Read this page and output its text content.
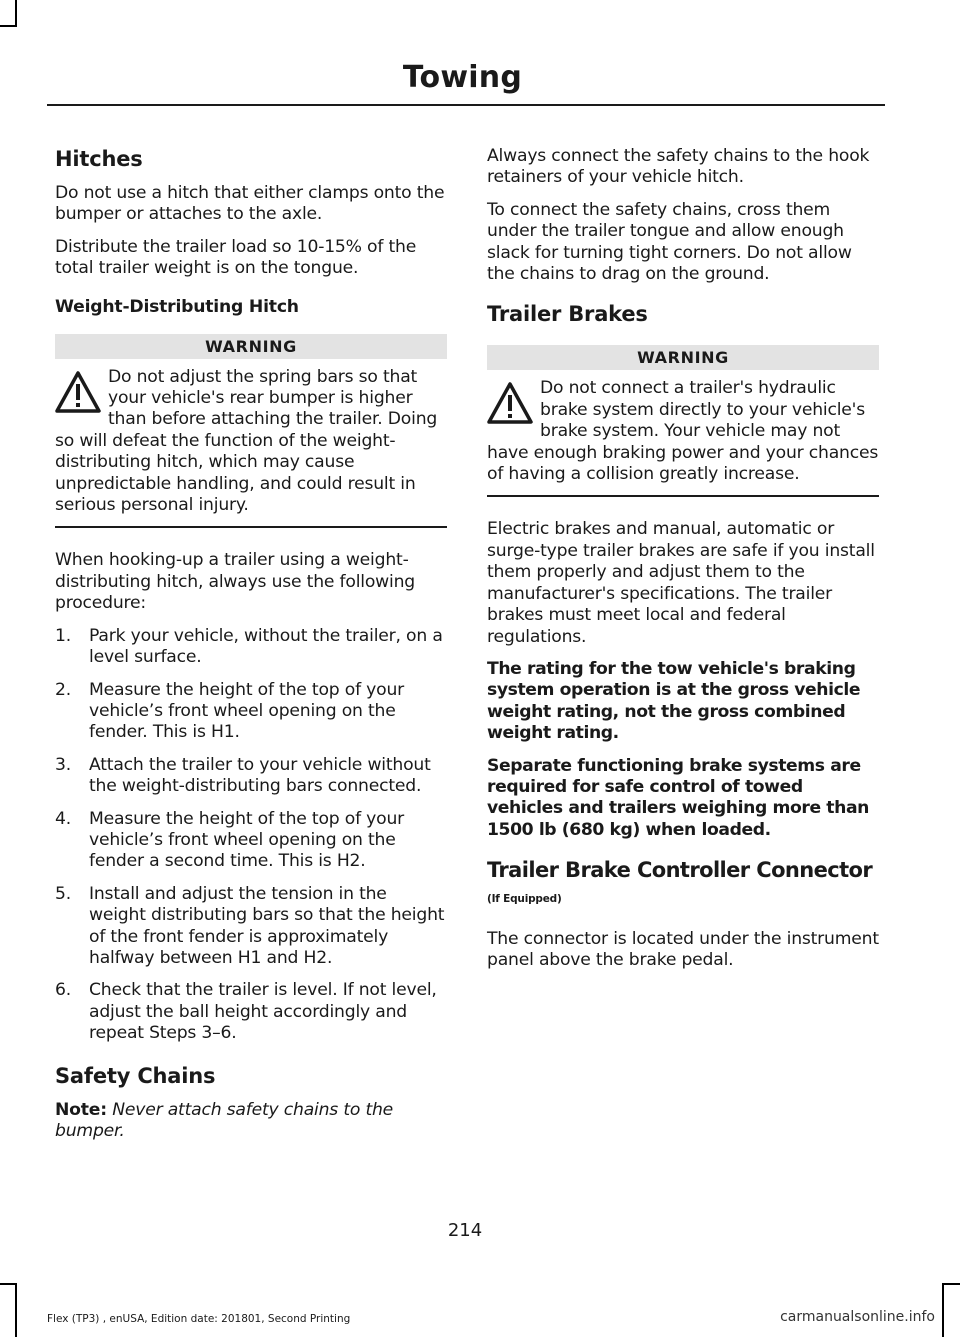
Towing
Hitches

Do not use a hitch that either clamps onto the bumper or attaches to the axle.

Distribute the trailer load so 10-15% of the total trailer weight is on the tongue.

Weight-Distributing Hitch
WARNING
Do not adjust the spring bars so that your vehicle's rear bumper is higher than before attaching the trailer. Doing so will defeat the function of the weight-distributing hitch, which may cause unpredictable handling, and could result in serious personal injury.

When hooking-up a trailer using a weight-distributing hitch, always use the following procedure:

1. Park your vehicle, without the trailer, on a level surface.
2. Measure the height of the top of your vehicle’s front wheel opening on the fender. This is H1.
3. Attach the trailer to your vehicle without the weight-distributing bars connected.
4. Measure the height of the top of your vehicle’s front wheel opening on the fender a second time. This is H2.
5. Install and adjust the tension in the weight distributing bars so that the height of the front fender is approximately halfway between H1 and H2.
6. Check that the trailer is level. If not level, adjust the ball height accordingly and repeat Steps 3–6.
Safety Chains

Note: Never attach safety chains to the bumper.

Always connect the safety chains to the hook retainers of your vehicle hitch.

To connect the safety chains, cross them under the trailer tongue and allow enough slack for turning tight corners. Do not allow the chains to drag on the ground.

Trailer Brakes
WARNING
Do not connect a trailer's hydraulic brake system directly to your vehicle's brake system. Your vehicle may not have enough braking power and your chances of having a collision greatly increase.

Electric brakes and manual, automatic or surge-type trailer brakes are safe if you install them properly and adjust them to the manufacturer's specifications. The trailer brakes must meet local and federal regulations.

The rating for the tow vehicle's braking system operation is at the gross vehicle weight rating, not the gross combined weight rating.

Separate functioning brake systems are required for safe control of towed vehicles and trailers weighing more than 1500 lb (680 kg) when loaded.

Trailer Brake Controller Connector
(If Equipped)

The connector is located under the instrument panel above the brake pedal.

214
Flex (TP3) , enUSA, Edition date: 201801, Second Printing	carmanualsonline.info
